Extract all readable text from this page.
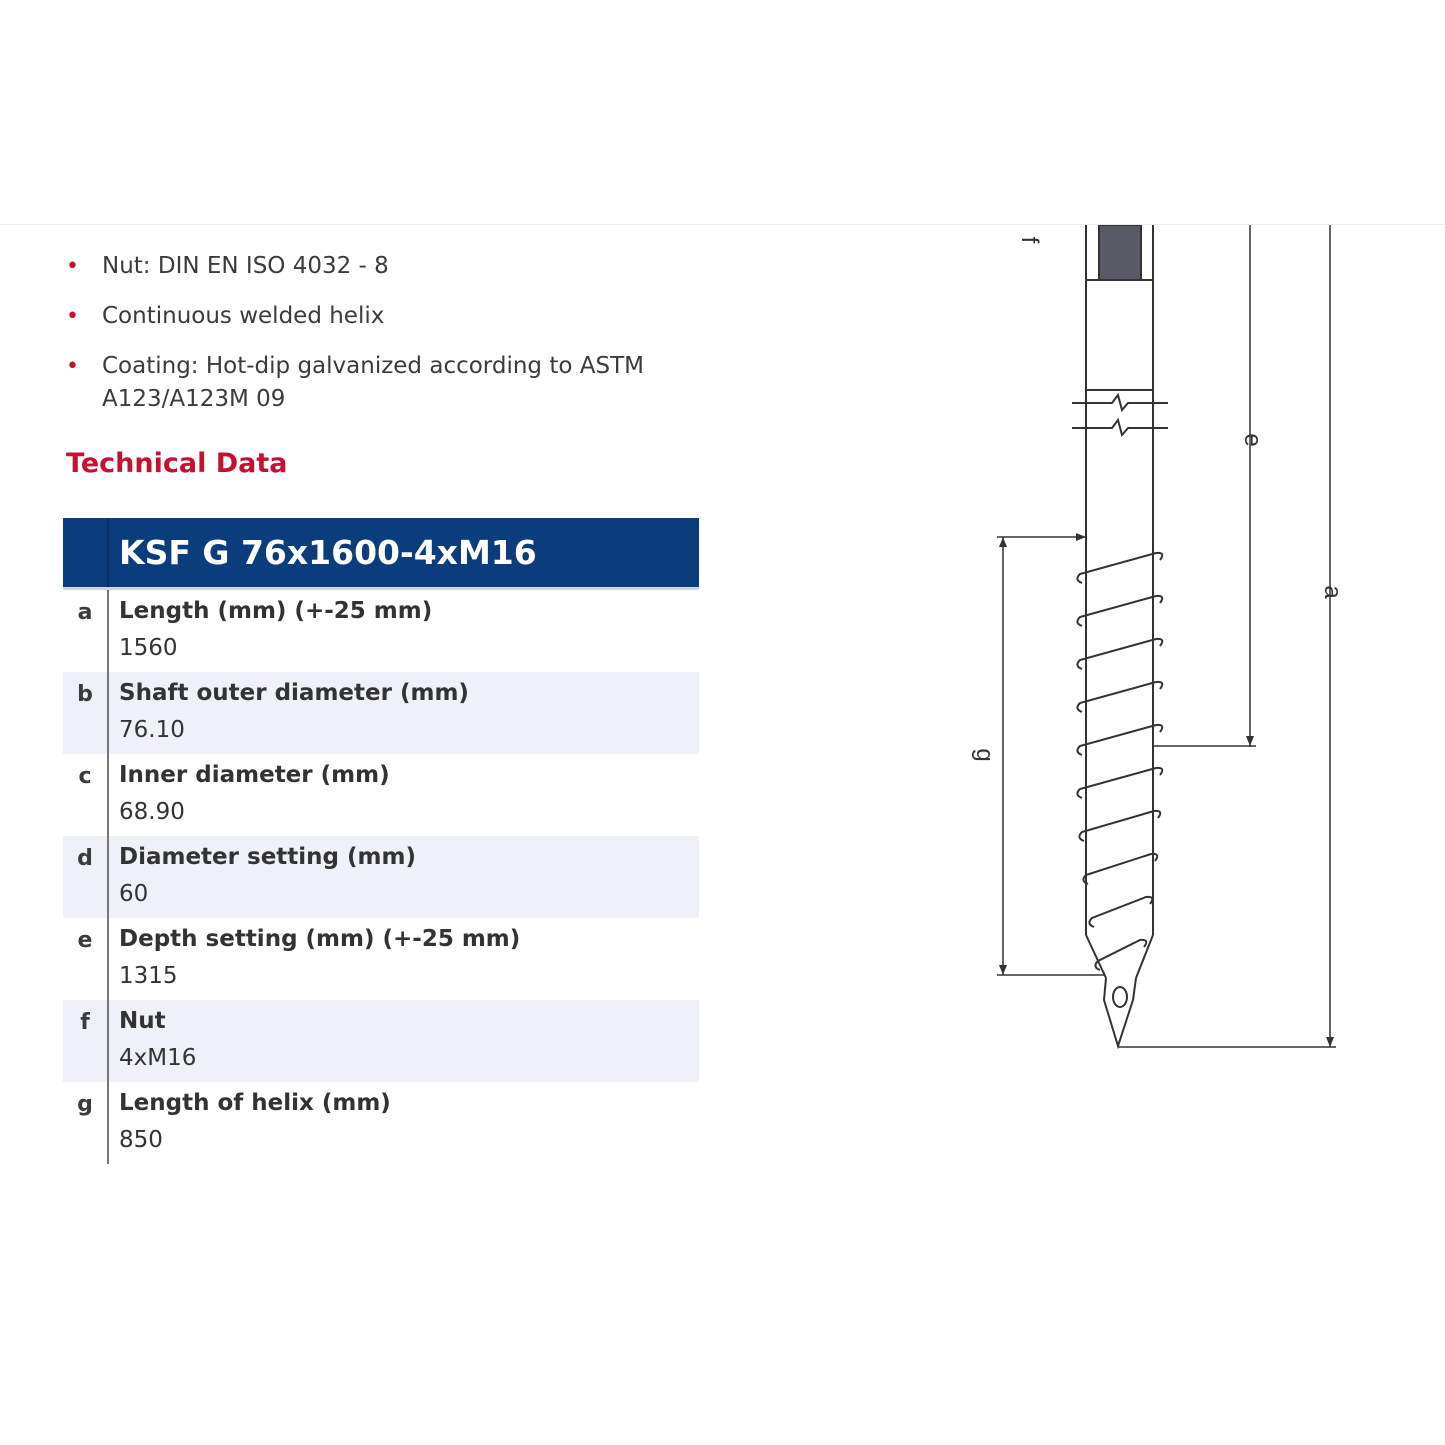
• Nut: DIN EN ISO 4032 - 8
• Continuous welded helix
• Coating: Hot-dip galvanized according to ASTM A123/A123M 09
Technical Data
	KSF G 76x1600-4xM16
a	Length (mm) (+-25 mm)
1560

b	Shaft outer diameter (mm)
76.10

c	Inner diameter (mm)
68.90

d	Diameter setting (mm)
60

e	Depth setting (mm) (+-25 mm)
1315

f	Nut
4xM16

g	Length of helix (mm)
850
e
a
g
f
